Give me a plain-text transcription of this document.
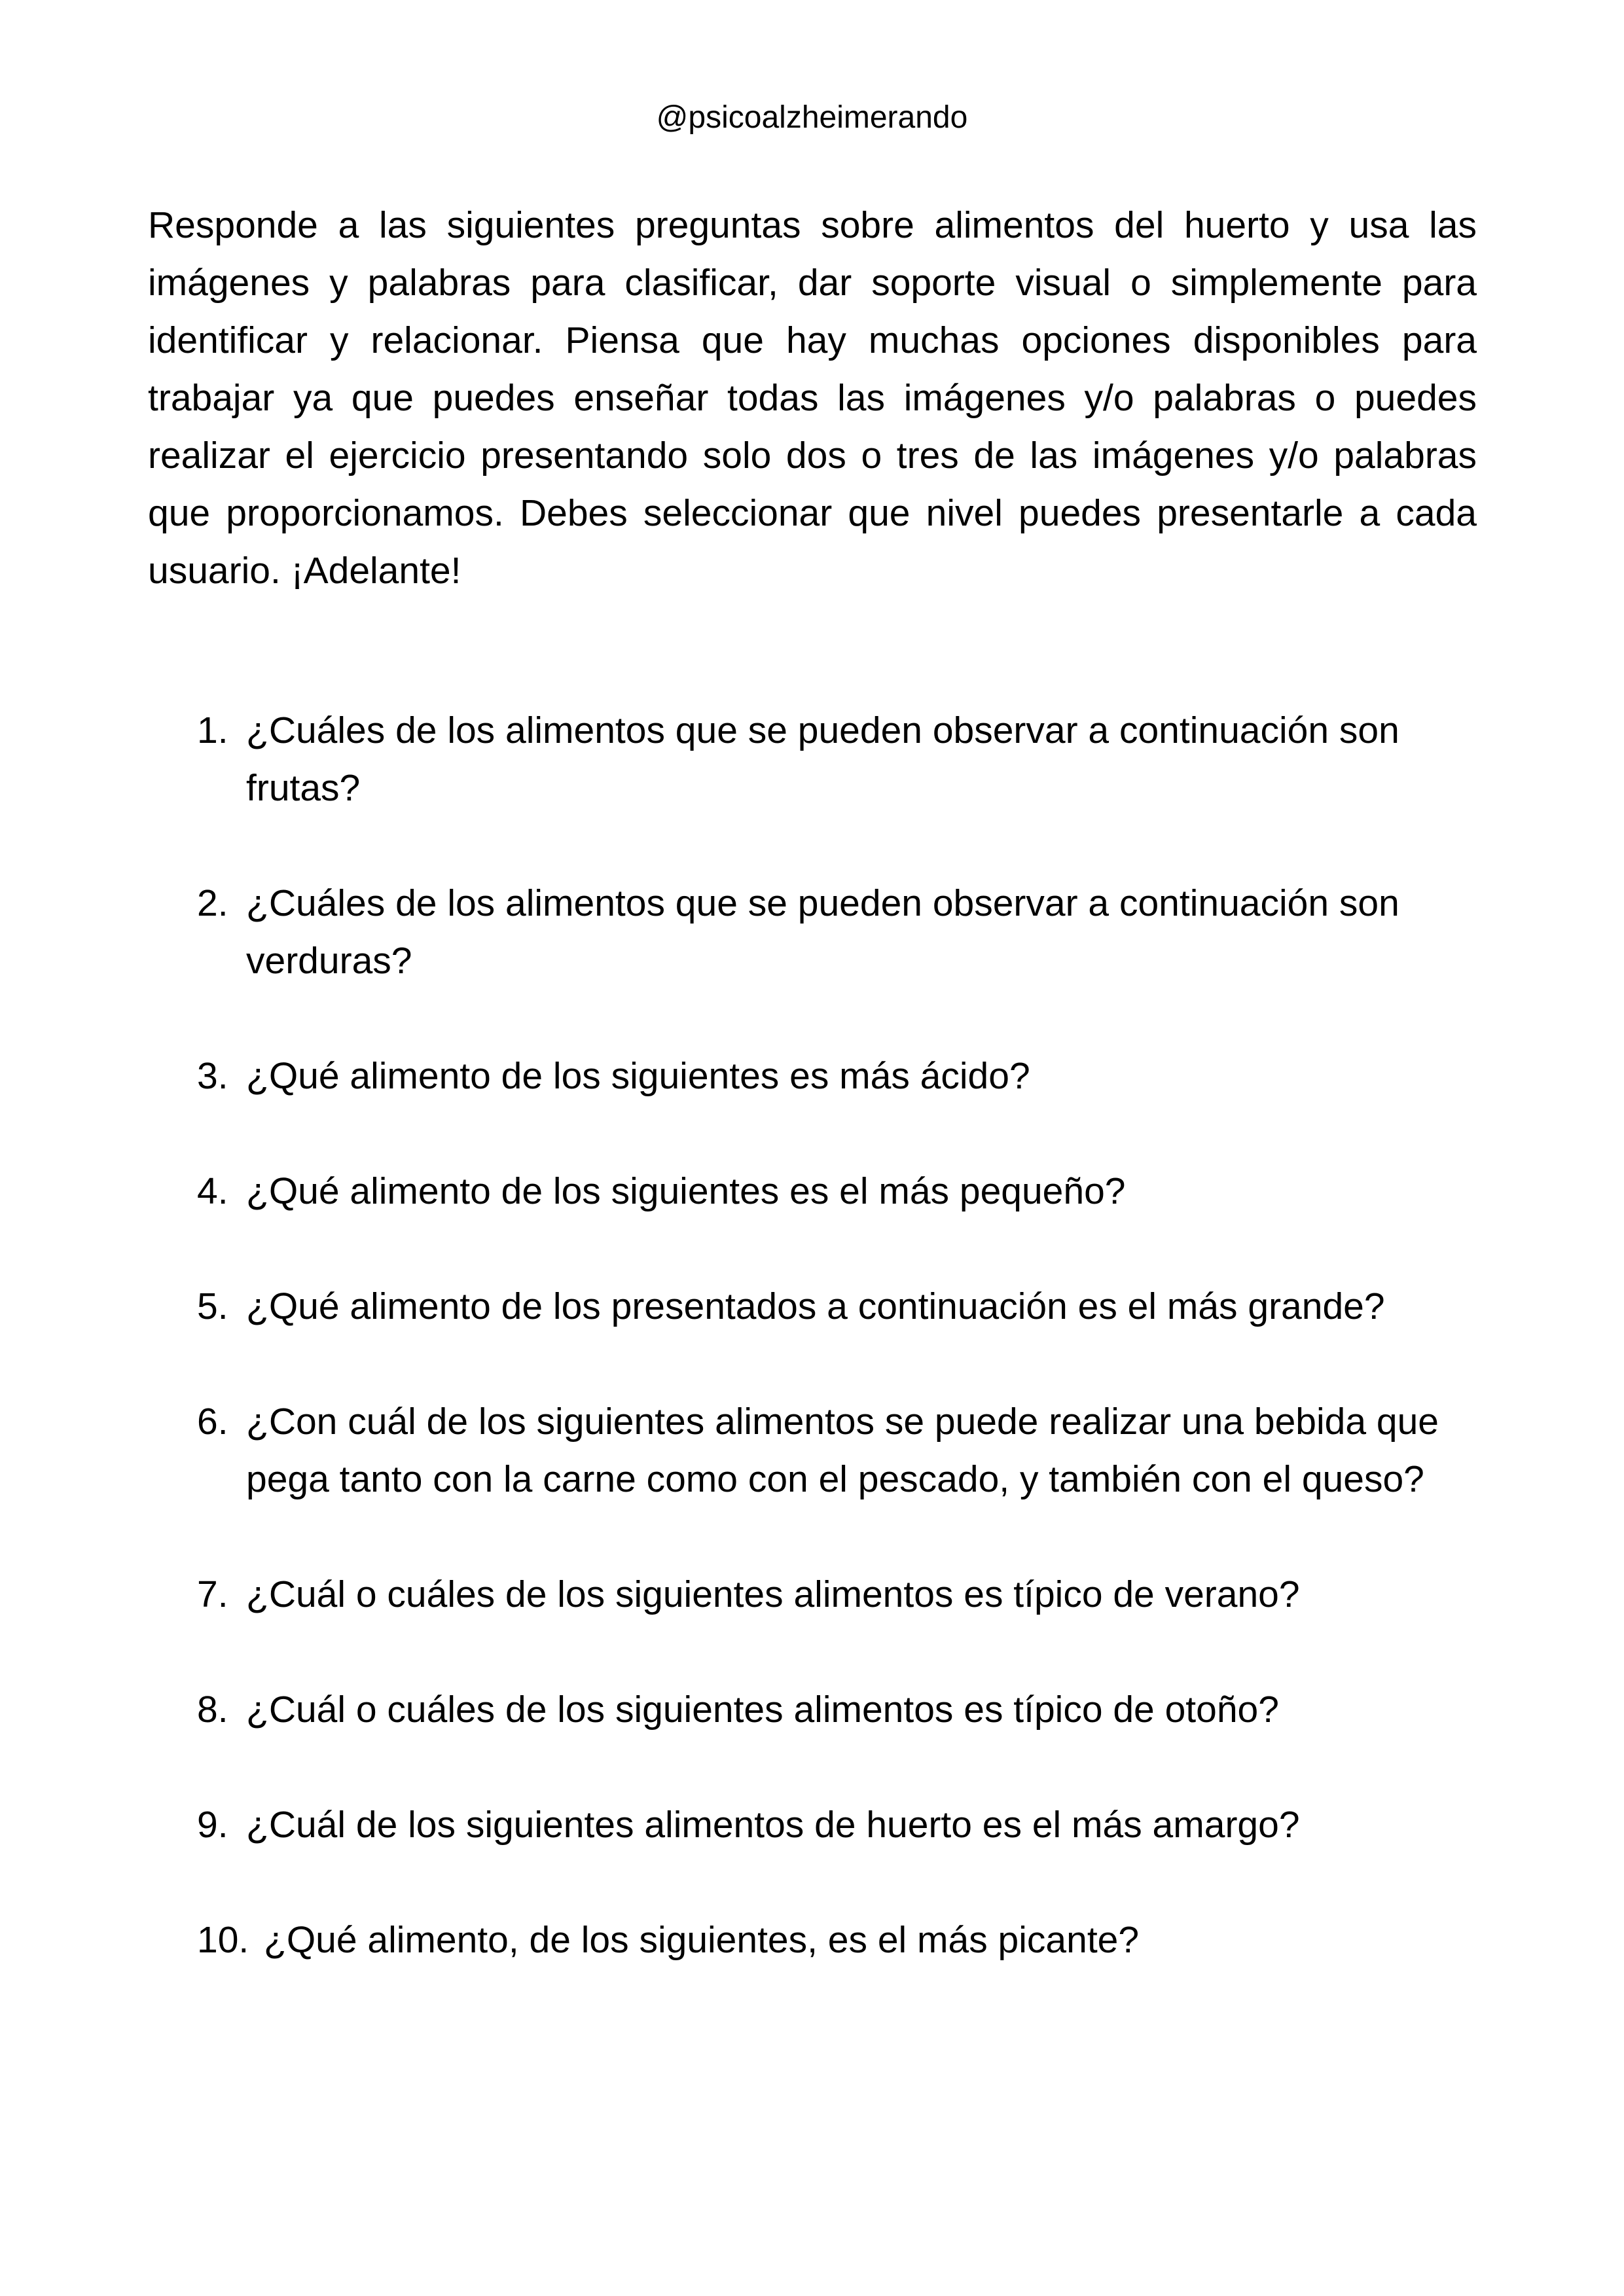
@psicoalzheimerando

Responde a las siguientes preguntas sobre alimentos del huerto y usa las imágenes y palabras para clasificar, dar soporte visual o simplemente para identificar y relacionar. Piensa que hay muchas opciones disponibles para trabajar ya que puedes enseñar todas las imágenes y/o palabras o puedes realizar el ejercicio presentando solo dos o tres de las imágenes y/o palabras que proporcionamos. Debes seleccionar que nivel puedes presentarle a cada usuario. ¡Adelante!

1. ¿Cuáles de los alimentos que se pueden observar a continuación son frutas?
2. ¿Cuáles de los alimentos que se pueden observar a continuación son verduras?
3. ¿Qué alimento de los siguientes es más ácido?
4. ¿Qué alimento de los siguientes es el más pequeño?
5. ¿Qué alimento de los presentados a continuación es el más grande?
6. ¿Con cuál de los siguientes alimentos se puede realizar una bebida que pega tanto con la carne como con el pescado, y también con el queso?
7. ¿Cuál o cuáles de los siguientes alimentos es típico de verano?
8. ¿Cuál o cuáles de los siguientes alimentos es típico de otoño?
9. ¿Cuál de los siguientes alimentos de huerto es el más amargo?
10. ¿Qué alimento, de los siguientes, es el más picante?
